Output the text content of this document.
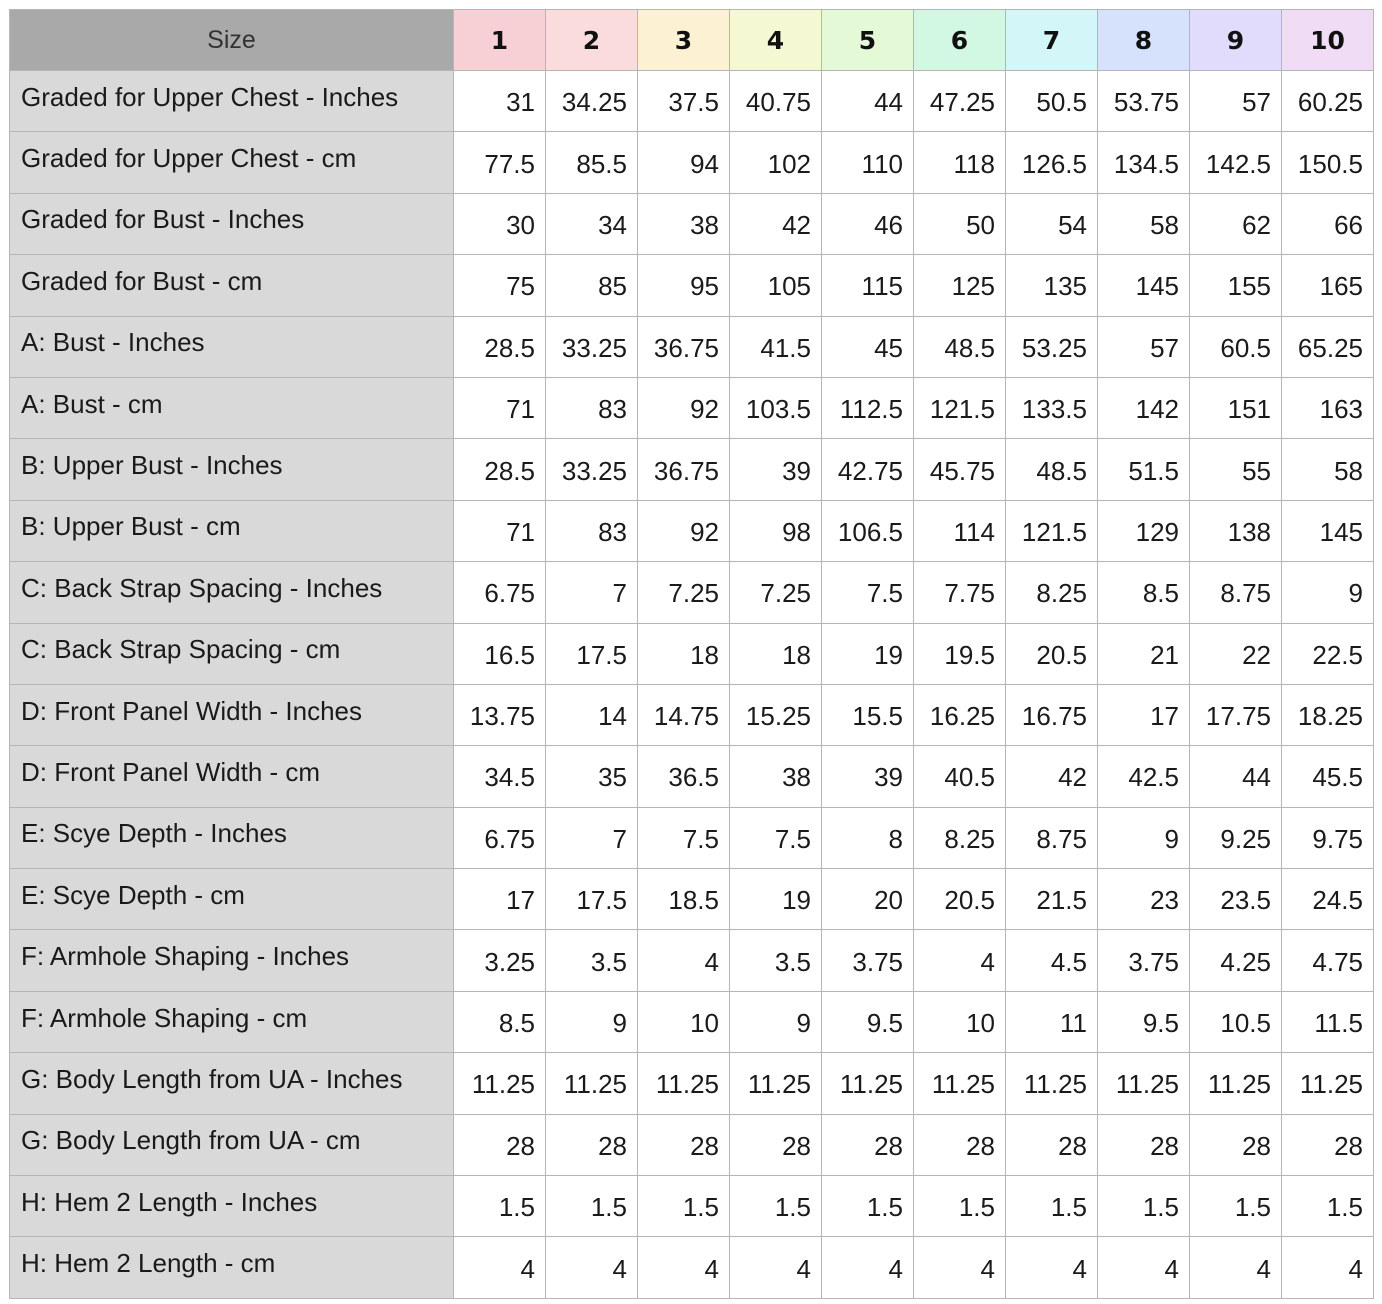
Size	1	2	3	4	5	6	7	8	9	10
Graded for Upper Chest - Inches	31	34.25	37.5	40.75	44	47.25	50.5	53.75	57	60.25
Graded for Upper Chest - cm	77.5	85.5	94	102	110	118	126.5	134.5	142.5	150.5
Graded for Bust - Inches	30	34	38	42	46	50	54	58	62	66
Graded for Bust - cm	75	85	95	105	115	125	135	145	155	165
A: Bust - Inches	28.5	33.25	36.75	41.5	45	48.5	53.25	57	60.5	65.25
A: Bust - cm	71	83	92	103.5	112.5	121.5	133.5	142	151	163
B: Upper Bust - Inches	28.5	33.25	36.75	39	42.75	45.75	48.5	51.5	55	58
B: Upper Bust - cm	71	83	92	98	106.5	114	121.5	129	138	145
C: Back Strap Spacing - Inches	6.75	7	7.25	7.25	7.5	7.75	8.25	8.5	8.75	9
C: Back Strap Spacing - cm	16.5	17.5	18	18	19	19.5	20.5	21	22	22.5
D: Front Panel Width - Inches	13.75	14	14.75	15.25	15.5	16.25	16.75	17	17.75	18.25
D: Front Panel Width - cm	34.5	35	36.5	38	39	40.5	42	42.5	44	45.5
E: Scye Depth - Inches	6.75	7	7.5	7.5	8	8.25	8.75	9	9.25	9.75
E: Scye Depth - cm	17	17.5	18.5	19	20	20.5	21.5	23	23.5	24.5
F: Armhole Shaping - Inches	3.25	3.5	4	3.5	3.75	4	4.5	3.75	4.25	4.75
F: Armhole Shaping - cm	8.5	9	10	9	9.5	10	11	9.5	10.5	11.5
G: Body Length from UA - Inches	11.25	11.25	11.25	11.25	11.25	11.25	11.25	11.25	11.25	11.25
G: Body Length from UA - cm	28	28	28	28	28	28	28	28	28	28
H: Hem 2 Length - Inches	1.5	1.5	1.5	1.5	1.5	1.5	1.5	1.5	1.5	1.5
H: Hem 2 Length - cm	4	4	4	4	4	4	4	4	4	4
